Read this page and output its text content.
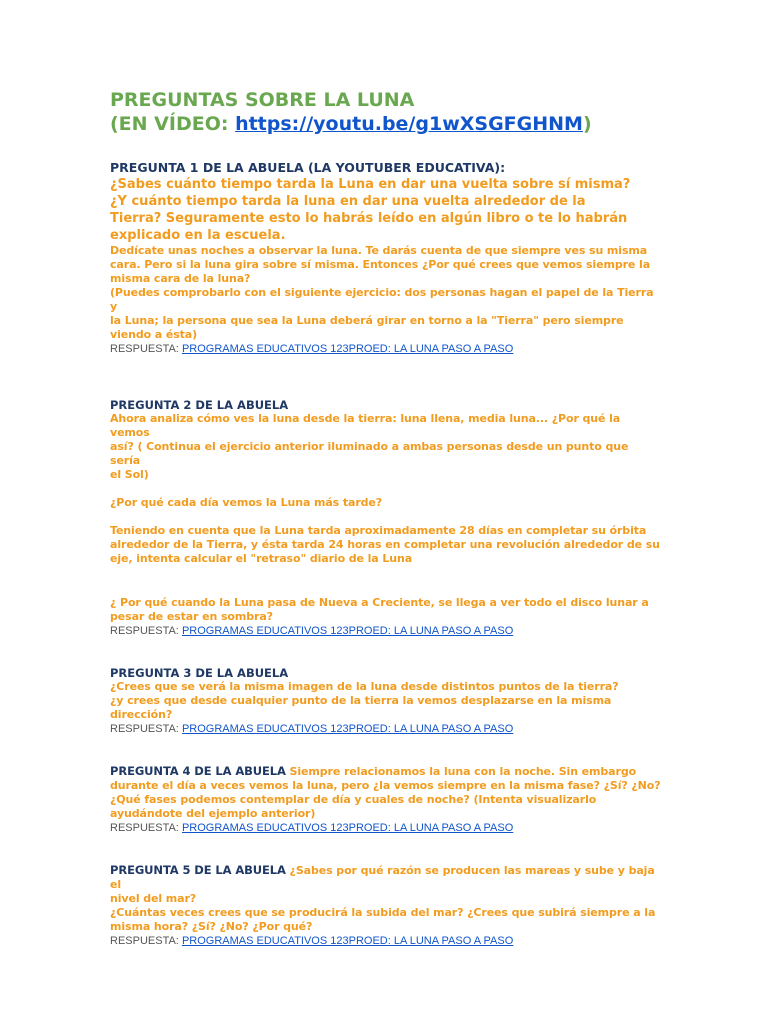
PREGUNTAS SOBRE LA LUNA
(EN VÍDEO: https://youtu.be/g1wXSGFGHNM)

PREGUNTA 1 DE LA ABUELA (LA YOUTUBER EDUCATIVA):

¿Sabes cuánto tiempo tarda la Luna en dar una vuelta sobre sí misma?
¿Y cuánto tiempo tarda la luna en dar una vuelta alrededor de la
Tierra? Seguramente esto lo habrás leído en algún libro o te lo habrán
explicado en la escuela.

Dedícate unas noches a observar la luna. Te darás cuenta de que siempre ves su misma
cara. Pero si la luna gira sobre sí misma. Entonces ¿Por qué crees que vemos siempre la
misma cara de la luna?
(Puedes comprobarlo con el siguiente ejercicio: dos personas hagan el papel de la Tierra y
la Luna; la persona que sea la Luna deberá girar en torno a la "Tierra" pero siempre
viendo a ésta)

RESPUESTA: PROGRAMAS EDUCATIVOS 123PROED: LA LUNA PASO A PASO

PREGUNTA 2 DE LA ABUELA

Ahora analiza cómo ves la luna desde la tierra: luna llena, media luna... ¿Por qué la vemos
así? ( Continua el ejercicio anterior iluminado a ambas personas desde un punto que sería
el Sol)

¿Por qué cada día vemos la Luna más tarde?

Teniendo en cuenta que la Luna tarda aproximadamente 28 días en completar su órbita
alrededor de la Tierra, y ésta tarda 24 horas en completar una revolución alrededor de su
eje, intenta calcular el "retraso" diario de la Luna

¿ Por qué cuando la Luna pasa de Nueva a Creciente, se llega a ver todo el disco lunar a
pesar de estar en sombra?

RESPUESTA: PROGRAMAS EDUCATIVOS 123PROED: LA LUNA PASO A PASO

PREGUNTA 3 DE LA ABUELA

¿Crees que se verá la misma imagen de la luna desde distintos puntos de la tierra?
¿y crees que desde cualquier punto de la tierra la vemos desplazarse en la misma
dirección?

RESPUESTA: PROGRAMAS EDUCATIVOS 123PROED: LA LUNA PASO A PASO

PREGUNTA 4 DE LA ABUELA Siempre relacionamos la luna con la noche. Sin embargo
durante el día a veces vemos la luna, pero ¿la vemos siempre en la misma fase? ¿Sí? ¿No?
¿Qué fases podemos contemplar de día y cuales de noche? (Intenta visualizarlo
ayudándote del ejemplo anterior)

RESPUESTA: PROGRAMAS EDUCATIVOS 123PROED: LA LUNA PASO A PASO

PREGUNTA 5 DE LA ABUELA ¿Sabes por qué razón se producen las mareas y sube y baja el
nivel del mar?
¿Cuántas veces crees que se producirá la subida del mar? ¿Crees que subirá siempre a la
misma hora? ¿Sí? ¿No? ¿Por qué?

RESPUESTA: PROGRAMAS EDUCATIVOS 123PROED: LA LUNA PASO A PASO
